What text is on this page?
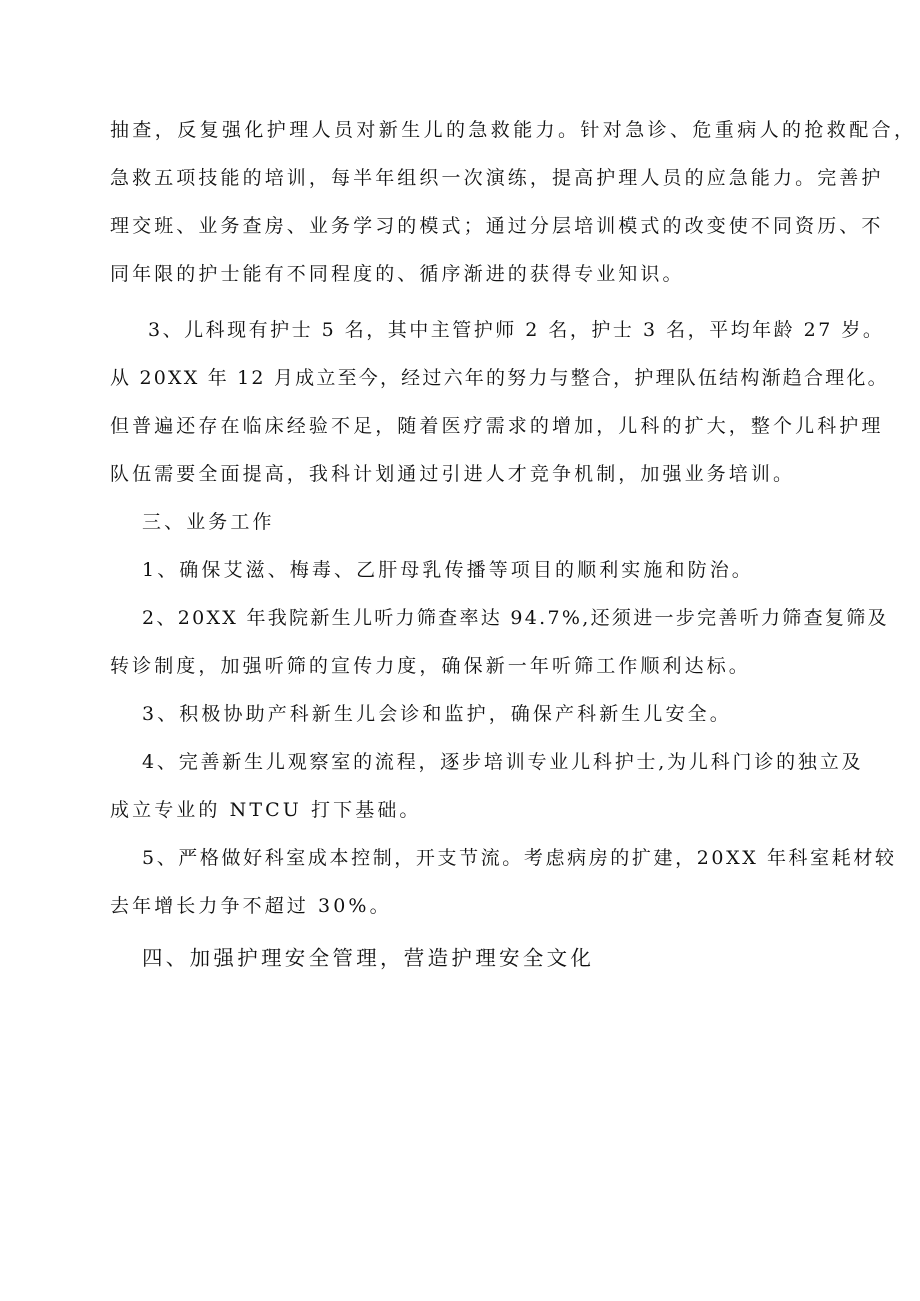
抽查，反复强化护理人员对新生儿的急救能力。针对急诊、危重病人的抢救配合，

急救五项技能的培训，每半年组织一次演练，提高护理人员的应急能力。完善护

理交班、业务查房、业务学习的模式；通过分层培训模式的改变使不同资历、不

同年限的护士能有不同程度的、循序渐进的获得专业知识。

3、儿科现有护士 5 名，其中主管护师 2 名，护士 3 名，平均年龄 27 岁。

从 20XX 年 12 月成立至今，经过六年的努力与整合，护理队伍结构渐趋合理化。

但普遍还存在临床经验不足，随着医疗需求的增加，儿科的扩大，整个儿科护理

队伍需要全面提高，我科计划通过引进人才竞争机制，加强业务培训。

三、业务工作

1、确保艾滋、梅毒、乙肝母乳传播等项目的顺利实施和防治。

2、20XX 年我院新生儿听力筛查率达 94.7%,还须进一步完善听力筛查复筛及

转诊制度，加强听筛的宣传力度，确保新一年听筛工作顺利达标。

3、积极协助产科新生儿会诊和监护，确保产科新生儿安全。

4、完善新生儿观察室的流程，逐步培训专业儿科护士,为儿科门诊的独立及

成立专业的 NTCU 打下基础。

5、严格做好科室成本控制，开支节流。考虑病房的扩建，20XX 年科室耗材较

去年增长力争不超过 30%。

四、加强护理安全管理，营造护理安全文化
